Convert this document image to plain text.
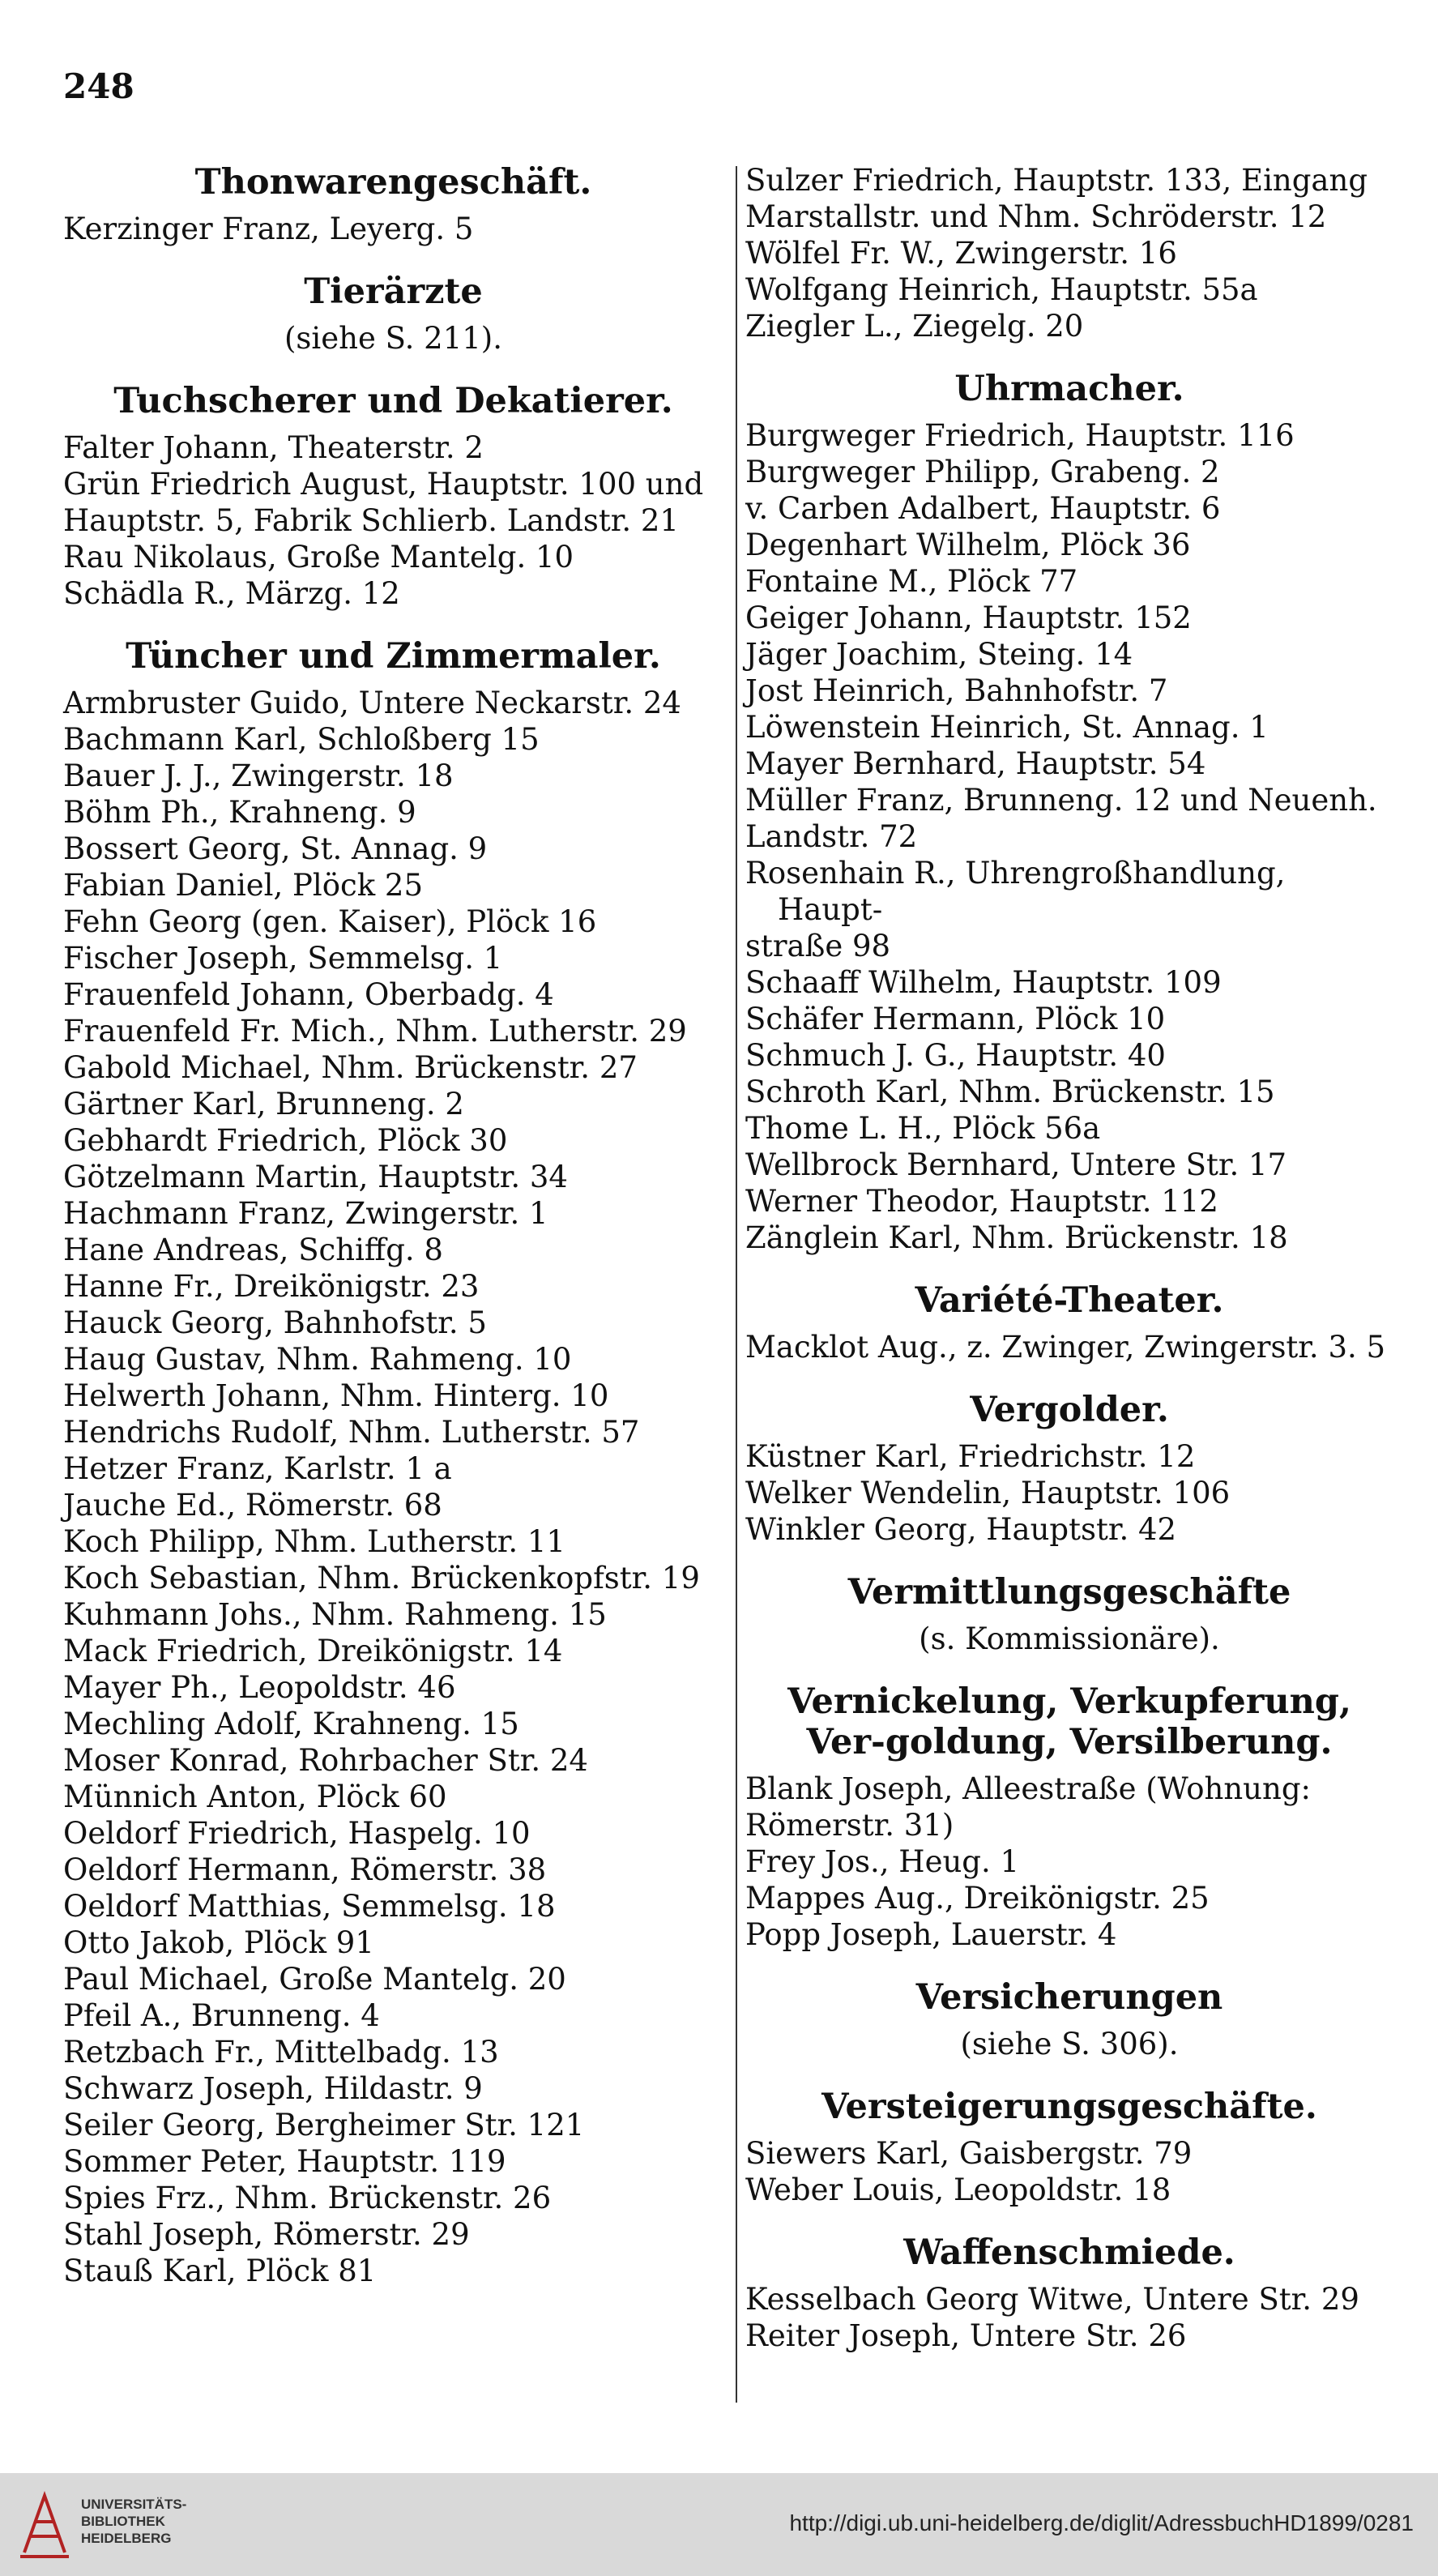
248
Thonwarengeschäft.
Kerzinger Franz, Leyerg. 5
Tierärzte
(siehe S. 211).
Tuchscherer und Dekatierer.
Falter Johann, Theaterstr. 2
Grün Friedrich August, Hauptstr. 100 und
Hauptstr. 5, Fabrik Schlierb. Landstr. 21
Rau Nikolaus, Große Mantelg. 10
Schädla R., Märzg. 12
Tüncher und Zimmermaler.
Armbruster Guido, Untere Neckarstr. 24
Bachmann Karl, Schloßberg 15
Bauer J. J., Zwingerstr. 18
Böhm Ph., Krahneng. 9
Bossert Georg, St. Annag. 9
Fabian Daniel, Plöck 25
Fehn Georg (gen. Kaiser), Plöck 16
Fischer Joseph, Semmelsg. 1
Frauenfeld Johann, Oberbadg. 4
Frauenfeld Fr. Mich., Nhm. Lutherstr. 29
Gabold Michael, Nhm. Brückenstr. 27
Gärtner Karl, Brunneng. 2
Gebhardt Friedrich, Plöck 30
Götzelmann Martin, Hauptstr. 34
Hachmann Franz, Zwingerstr. 1
Hane Andreas, Schiffg. 8
Hanne Fr., Dreikönigstr. 23
Hauck Georg, Bahnhofstr. 5
Haug Gustav, Nhm. Rahmeng. 10
Helwerth Johann, Nhm. Hinterg. 10
Hendrichs Rudolf, Nhm. Lutherstr. 57
Hetzer Franz, Karlstr. 1 a
Jauche Ed., Römerstr. 68
Koch Philipp, Nhm. Lutherstr. 11
Koch Sebastian, Nhm. Brückenkopfstr. 19
Kuhmann Johs., Nhm. Rahmeng. 15
Mack Friedrich, Dreikönigstr. 14
Mayer Ph., Leopoldstr. 46
Mechling Adolf, Krahneng. 15
Moser Konrad, Rohrbacher Str. 24
Münnich Anton, Plöck 60
Oeldorf Friedrich, Haspelg. 10
Oeldorf Hermann, Römerstr. 38
Oeldorf Matthias, Semmelsg. 18
Otto Jakob, Plöck 91
Paul Michael, Große Mantelg. 20
Pfeil A., Brunneng. 4
Retzbach Fr., Mittelbadg. 13
Schwarz Joseph, Hildastr. 9
Seiler Georg, Bergheimer Str. 121
Sommer Peter, Hauptstr. 119
Spies Frz., Nhm. Brückenstr. 26
Stahl Joseph, Römerstr. 29
Stauß Karl, Plöck 81
Sulzer Friedrich, Hauptstr. 133, Eingang
Marstallstr. und Nhm. Schröderstr. 12
Wölfel Fr. W., Zwingerstr. 16
Wolfgang Heinrich, Hauptstr. 55a
Ziegler L., Ziegelg. 20
Uhrmacher.
Burgweger Friedrich, Hauptstr. 116
Burgweger Philipp, Grabeng. 2
v. Carben Adalbert, Hauptstr. 6
Degenhart Wilhelm, Plöck 36
Fontaine M., Plöck 77
Geiger Johann, Hauptstr. 152
Jäger Joachim, Steing. 14
Jost Heinrich, Bahnhofstr. 7
Löwenstein Heinrich, St. Annag. 1
Mayer Bernhard, Hauptstr. 54
Müller Franz, Brunneng. 12 und Neuenh.
Landstr. 72
Rosenhain R., Uhrengroßhandlung, Haupt-
straße 98
Schaaff Wilhelm, Hauptstr. 109
Schäfer Hermann, Plöck 10
Schmuch J. G., Hauptstr. 40
Schroth Karl, Nhm. Brückenstr. 15
Thome L. H., Plöck 56a
Wellbrock Bernhard, Untere Str. 17
Werner Theodor, Hauptstr. 112
Zänglein Karl, Nhm. Brückenstr. 18
Variété-Theater.
Macklot Aug., z. Zwinger, Zwingerstr. 3. 5
Vergolder.
Küstner Karl, Friedrichstr. 12
Welker Wendelin, Hauptstr. 106
Winkler Georg, Hauptstr. 42
Vermittlungsgeschäfte
(s. Kommissionäre).
Vernickelung, Verkupferung, Ver-goldung, Versilberung.
Blank Joseph, Alleestraße (Wohnung:
Römerstr. 31)
Frey Jos., Heug. 1
Mappes Aug., Dreikönigstr. 25
Popp Joseph, Lauerstr. 4
Versicherungen
(siehe S. 306).
Versteigerungsgeschäfte.
Siewers Karl, Gaisbergstr. 79
Weber Louis, Leopoldstr. 18
Waffenschmiede.
Kesselbach Georg Witwe, Untere Str. 29
Reiter Joseph, Untere Str. 26
UNIVERSITÄTS-
BIBLIOTHEK
HEIDELBERG
http://digi.ub.uni-heidelberg.de/diglit/AdressbuchHD1899/0281
